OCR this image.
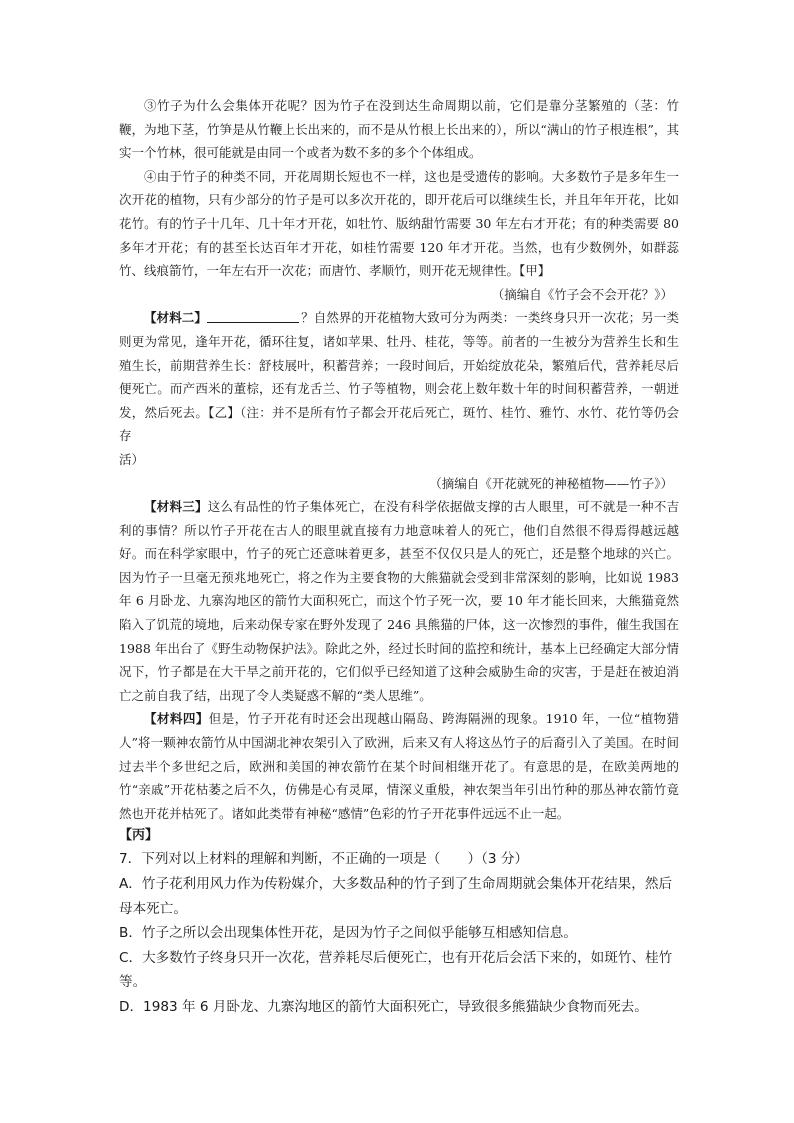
③竹子为什么会集体开花呢？因为竹子在没到达生命周期以前，它们是靠分茎繁殖的（茎：竹鞭，为地下茎，竹笋是从竹鞭上长出来的，而不是从竹根上长出来的），所以“满山的竹子根连根”，其实一个竹林，很可能就是由同一个或者为数不多的多个个体组成。

④由于竹子的种类不同，开花周期长短也不一样，这也是受遗传的影响。大多数竹子是多年生一次开花的植物，只有少部分的竹子是可以多次开花的，即开花后可以继续生长，并且年年开花，比如花竹。有的竹子十几年、几十年才开花，如牡竹、版纳甜竹需要 30 年左右才开花；有的种类需要 80 多年才开花；有的甚至长达百年才开花，如桂竹需要 120 年才开花。当然，也有少数例外，如群蕊竹、线痕箭竹，一年左右开一次花；而唐竹、孝顺竹，则开花无规律性。【甲】

（摘编自《竹子会不会开花？》）

【材料二】	？自然界的开花植物大致可分为两类：一类终身只开一次花；另一类则更为常见，逢年开花，循环往复，诸如苹果、牡丹、桂花，等等。前者的一生被分为营养生长和生殖生长，前期营养生长：舒枝展叶，积蓄营养；一段时间后，开始绽放花朵，繁殖后代，营养耗尽后便死亡。而产西米的董棕，还有龙舌兰、竹子等植物，则会花上数年数十年的时间积蓄营养，一朝迸发，然后死去。【乙】（注：并不是所有竹子都会开花后死亡，斑竹、桂竹、雅竹、水竹、花竹等仍会存

活）

（摘编自《开花就死的神秘植物——竹子》）

【材料三】这么有品性的竹子集体死亡，在没有科学依据做支撑的古人眼里，可不就是一种不吉利的事情？所以竹子开花在古人的眼里就直接有力地意味着人的死亡，他们自然很不得焉得越远越好。而在科学家眼中，竹子的死亡还意味着更多，甚至不仅仅只是人的死亡，还是整个地球的兴亡。因为竹子一旦毫无预兆地死亡，将之作为主要食物的大熊猫就会受到非常深刻的影响，比如说 1983 年 6 月卧龙、九寨沟地区的箭竹大面积死亡，而这个竹子死一次，要 10 年才能长回来，大熊猫竟然陷入了饥荒的境地，后来动保专家在野外发现了 246 具熊猫的尸体，这一次惨烈的事件，催生我国在 1988 年出台了《野生动物保护法》。除此之外，经过长时间的监控和统计，基本上已经确定大部分情况下，竹子都是在大干旱之前开花的，它们似乎已经知道了这种会威胁生命的灾害，于是赶在被迫消亡之前自我了结，出现了令人类疑惑不解的“类人思维”。

【材料四】但是，竹子开花有时还会出现越山隔岛、跨海隔洲的现象。1910 年，一位“植物猎人”将一颗神农箭竹从中国湖北神农架引入了欧洲，后来又有人将这丛竹子的后裔引入了美国。在时间过去半个多世纪之后，欧洲和美国的神农箭竹在某个时间相继开花了。有意思的是，在欧美两地的竹“亲戚”开花枯萎之后不久，仿佛是心有灵犀，情深义重般，神农架当年引出竹种的那丛神农箭竹竟然也开花并枯死了。诸如此类带有神秘“感情”色彩的竹子开花事件远远不止一起。

【丙】

7．下列对以上材料的理解和判断，不正确的一项是（　　）（3 分）

A．竹子花利用风力作为传粉媒介，大多数品种的竹子到了生命周期就会集体开花结果，然后母本死亡。

B．竹子之所以会出现集体性开花，是因为竹子之间似乎能够互相感知信息。

C．大多数竹子终身只开一次花，营养耗尽后便死亡，也有开花后会活下来的，如斑竹、桂竹等。

D．1983 年 6 月卧龙、九寨沟地区的箭竹大面积死亡，导致很多熊猫缺少食物而死去。
